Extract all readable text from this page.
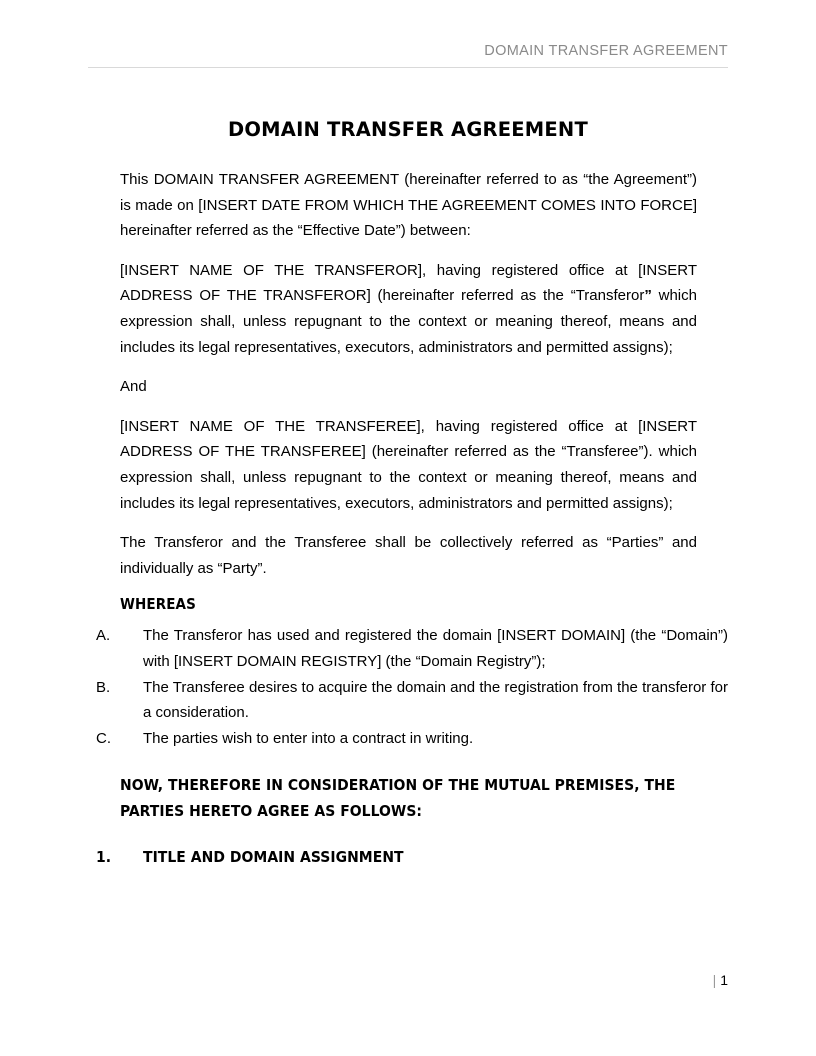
DOMAIN TRANSFER AGREEMENT
DOMAIN TRANSFER AGREEMENT

This DOMAIN TRANSFER AGREEMENT (hereinafter referred to as “the Agreement”) is made on [INSERT DATE FROM WHICH THE AGREEMENT COMES INTO FORCE] hereinafter referred as the “Effective Date”) between:

[INSERT NAME OF THE TRANSFEROR], having registered office at [INSERT ADDRESS OF THE TRANSFEROR] (hereinafter referred as the “Transferor” which expression shall, unless repugnant to the context or meaning thereof, means and includes its legal representatives, executors, administrators and permitted assigns);

And

[INSERT NAME OF THE TRANSFEREE], having registered office at [INSERT ADDRESS OF THE TRANSFEREE] (hereinafter referred as the “Transferee”). which expression shall, unless repugnant to the context or meaning thereof, means and includes its legal representatives, executors, administrators and permitted assigns);

The Transferor and the Transferee shall be collectively referred as “Parties” and individually as “Party”.

WHEREAS
A. The Transferor has used and registered the domain [INSERT DOMAIN] (the “Domain”) with [INSERT DOMAIN REGISTRY] (the “Domain Registry”);
B. The Transferee desires to acquire the domain and the registration from the transferor for a consideration.
C. The parties wish to enter into a contract in writing.
NOW, THEREFORE IN CONSIDERATION OF THE MUTUAL PREMISES, THE PARTIES HERETO AGREE AS FOLLOWS:
1. TITLE AND DOMAIN ASSIGNMENT
| 1
